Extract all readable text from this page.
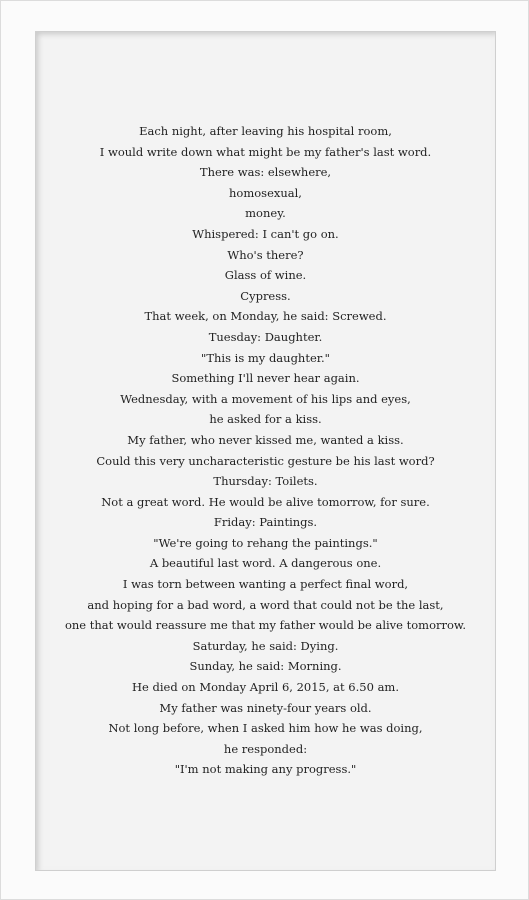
Each night, after leaving his hospital room,
I would write down what might be my father's last word.
There was: elsewhere,
homosexual,
money.
Whispered: I can't go on.
Who's there?
Glass of wine.
Cypress.
That week, on Monday, he said: Screwed.
Tuesday: Daughter.
"This is my daughter."
Something I'll never hear again.
Wednesday, with a movement of his lips and eyes,
he asked for a kiss.
My father, who never kissed me, wanted a kiss.
Could this very uncharacteristic gesture be his last word?
Thursday: Toilets.
Not a great word. He would be alive tomorrow, for sure.
Friday: Paintings.
"We're going to rehang the paintings."
A beautiful last word. A dangerous one.
I was torn between wanting a perfect final word,
and hoping for a bad word, a word that could not be the last,
one that would reassure me that my father would be alive tomorrow.
Saturday, he said: Dying.
Sunday, he said: Morning.
He died on Monday April 6, 2015, at 6.50 am.
My father was ninety-four years old.
Not long before, when I asked him how he was doing,
he responded:
"I'm not making any progress."
